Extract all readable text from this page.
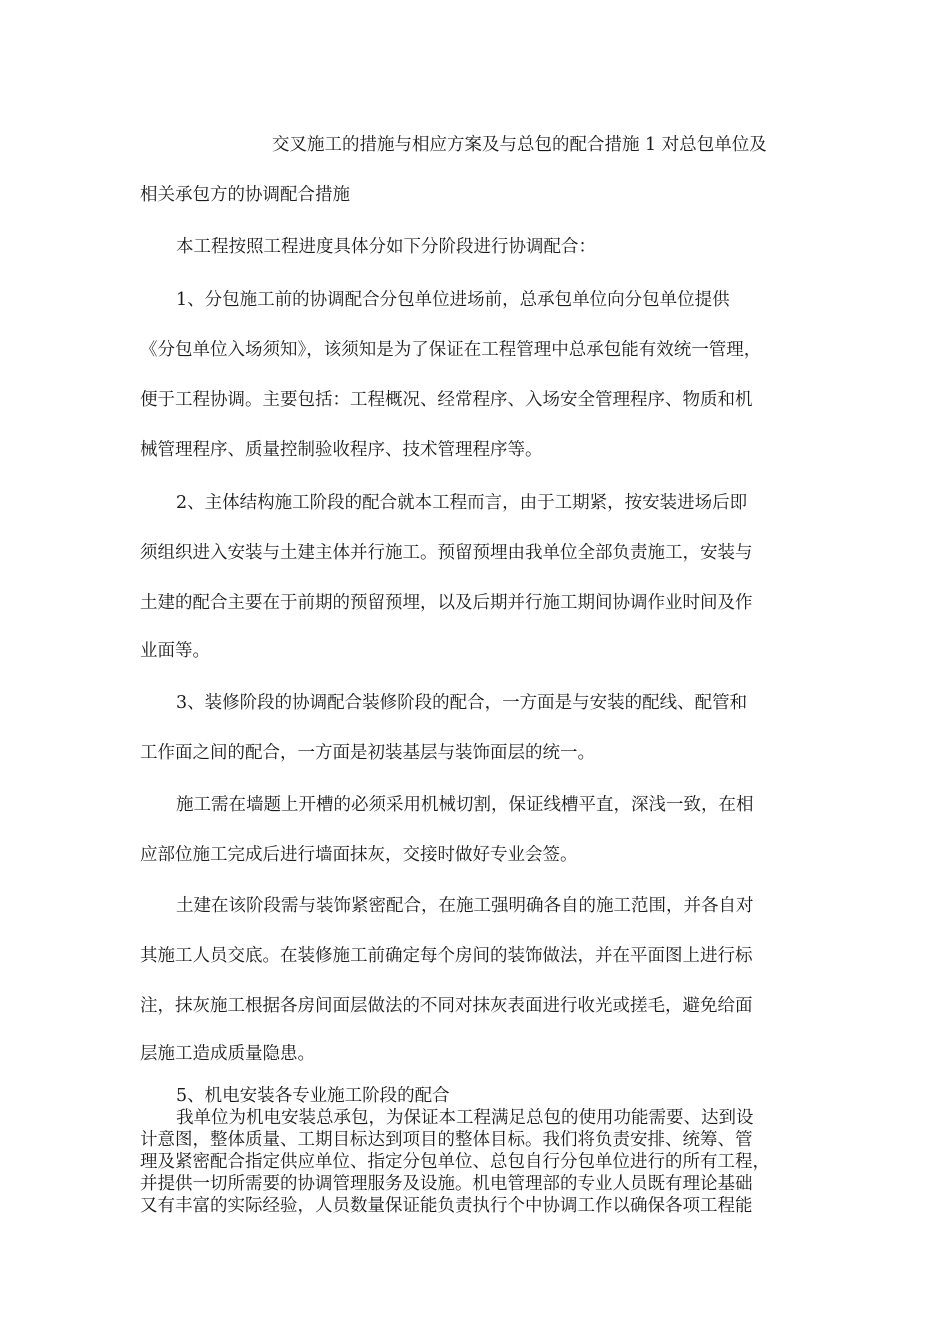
交叉施工的措施与相应方案及与总包的配合措施 1 对总包单位及
相关承包方的协调配合措施
本工程按照工程进度具体分如下分阶段进行协调配合：
1、分包施工前的协调配合分包单位进场前，总承包单位向分包单位提供
《分包单位入场须知》，该须知是为了保证在工程管理中总承包能有效统一管理，
便于工程协调。主要包括：工程概况、经常程序、入场安全管理程序、物质和机
械管理程序、质量控制验收程序、技术管理程序等。
2、主体结构施工阶段的配合就本工程而言，由于工期紧，按安装进场后即
须组织进入安装与土建主体并行施工。预留预埋由我单位全部负责施工，安装与
土建的配合主要在于前期的预留预埋，以及后期并行施工期间协调作业时间及作
业面等。
3、装修阶段的协调配合装修阶段的配合，一方面是与安装的配线、配管和
工作面之间的配合，一方面是初装基层与装饰面层的统一。
施工需在墙题上开槽的必须采用机械切割，保证线槽平直，深浅一致，在相
应部位施工完成后进行墙面抹灰，交接时做好专业会签。
土建在该阶段需与装饰紧密配合，在施工强明确各自的施工范围，并各自对
其施工人员交底。在装修施工前确定每个房间的装饰做法，并在平面图上进行标
注，抹灰施工根据各房间面层做法的不同对抹灰表面进行收光或搓毛，避免给面
层施工造成质量隐患。
5、机电安装各专业施工阶段的配合
我单位为机电安装总承包，为保证本工程满足总包的使用功能需要、达到设
计意图，整体质量、工期目标达到项目的整体目标。我们将负责安排、统筹、管
理及紧密配合指定供应单位、指定分包单位、总包自行分包单位进行的所有工程，
并提供一切所需要的协调管理服务及设施。机电管理部的专业人员既有理论基础
又有丰富的实际经验，人员数量保证能负责执行个中协调工作以确保各项工程能
